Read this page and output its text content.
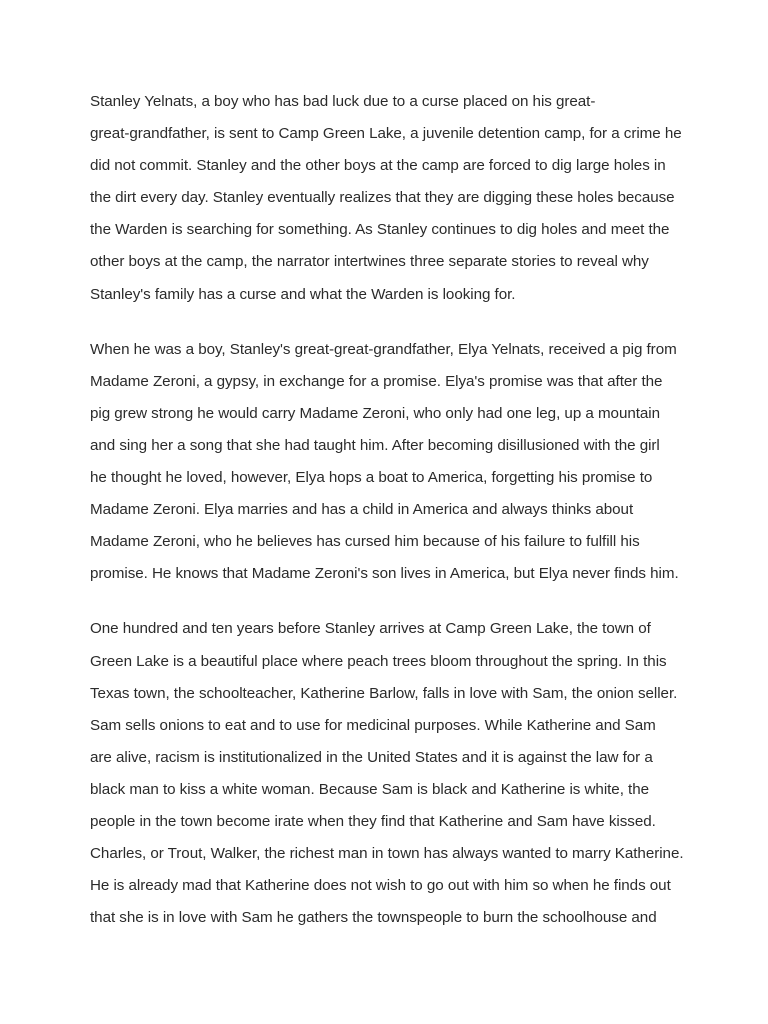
Stanley Yelnats, a boy who has bad luck due to a curse placed on his great-
great-grandfather, is sent to Camp Green Lake, a juvenile detention camp, for a crime he
did not commit. Stanley and the other boys at the camp are forced to dig large holes in
the dirt every day. Stanley eventually realizes that they are digging these holes because
the Warden is searching for something. As Stanley continues to dig holes and meet the
other boys at the camp, the narrator intertwines three separate stories to reveal why
Stanley's family has a curse and what the Warden is looking for.

When he was a boy, Stanley's great-great-grandfather, Elya Yelnats, received a pig from
Madame Zeroni, a gypsy, in exchange for a promise. Elya's promise was that after the
pig grew strong he would carry Madame Zeroni, who only had one leg, up a mountain
and sing her a song that she had taught him. After becoming disillusioned with the girl
he thought he loved, however, Elya hops a boat to America, forgetting his promise to
Madame Zeroni. Elya marries and has a child in America and always thinks about
Madame Zeroni, who he believes has cursed him because of his failure to fulfill his
promise. He knows that Madame Zeroni's son lives in America, but Elya never finds him.

One hundred and ten years before Stanley arrives at Camp Green Lake, the town of
Green Lake is a beautiful place where peach trees bloom throughout the spring. In this
Texas town, the schoolteacher, Katherine Barlow, falls in love with Sam, the onion seller.
Sam sells onions to eat and to use for medicinal purposes. While Katherine and Sam
are alive, racism is institutionalized in the United States and it is against the law for a
black man to kiss a white woman. Because Sam is black and Katherine is white, the
people in the town become irate when they find that Katherine and Sam have kissed.
Charles, or Trout, Walker, the richest man in town has always wanted to marry Katherine.
He is already mad that Katherine does not wish to go out with him so when he finds out
that she is in love with Sam he gathers the townspeople to burn the schoolhouse and
